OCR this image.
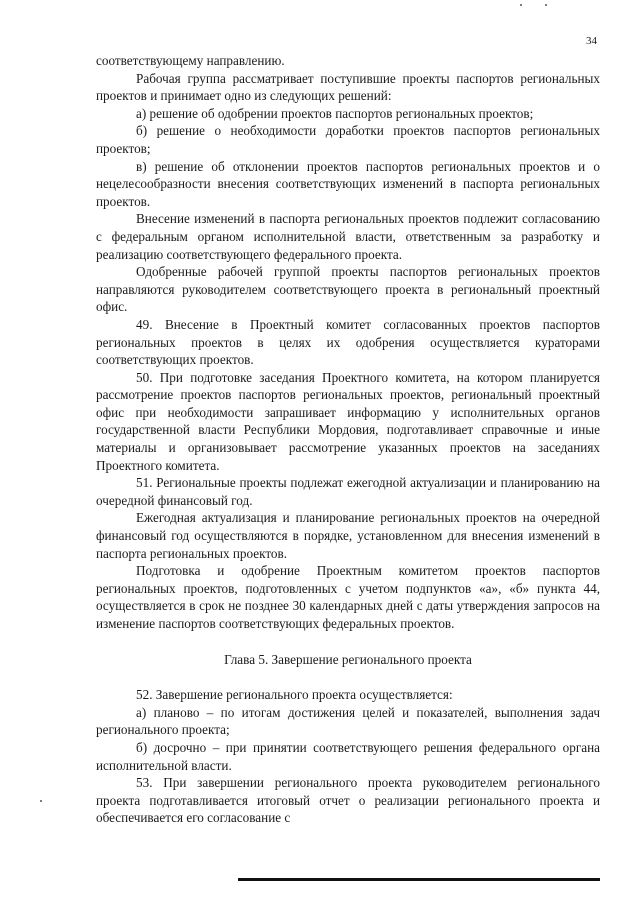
34

соответствующему направлению.

Рабочая группа рассматривает поступившие проекты паспортов региональных проектов и принимает одно из следующих решений:

а) решение об одобрении проектов паспортов региональных проектов;

б) решение о необходимости доработки проектов паспортов региональных проектов;

в) решение об отклонении проектов паспортов региональных проектов и о нецелесообразности внесения соответствующих изменений в паспорта региональных проектов.

Внесение изменений в паспорта региональных проектов подлежит согласованию с федеральным органом исполнительной власти, ответственным за разработку и реализацию соответствующего федерального проекта.

Одобренные рабочей группой проекты паспортов региональных проектов направляются руководителем соответствующего проекта в региональный проектный офис.

49. Внесение в Проектный комитет согласованных проектов паспортов региональных проектов в целях их одобрения осуществляется кураторами соответствующих проектов.

50. При подготовке заседания Проектного комитета, на котором планируется рассмотрение проектов паспортов региональных проектов, региональный проектный офис при необходимости запрашивает информацию у исполнительных органов государственной власти Республики Мордовия, подготавливает справочные и иные материалы и организовывает рассмотрение указанных проектов на заседаниях Проектного комитета.

51. Региональные проекты подлежат ежегодной актуализации и планированию на очередной финансовый год.

Ежегодная актуализация и планирование региональных проектов на очередной финансовый год осуществляются в порядке, установленном для внесения изменений в паспорта региональных проектов.

Подготовка и одобрение Проектным комитетом проектов паспортов региональных проектов, подготовленных с учетом подпунктов «а», «б» пункта 44, осуществляется в срок не позднее 30 календарных дней с даты утверждения запросов на изменение паспортов соответствующих федеральных проектов.

Глава 5. Завершение регионального проекта

52. Завершение регионального проекта осуществляется:

а) планово – по итогам достижения целей и показателей, выполнения задач регионального проекта;

б) досрочно – при принятии соответствующего решения федерального органа исполнительной власти.

53. При завершении регионального проекта руководителем регионального проекта подготавливается итоговый отчет о реализации регионального проекта и обеспечивается его согласование с
